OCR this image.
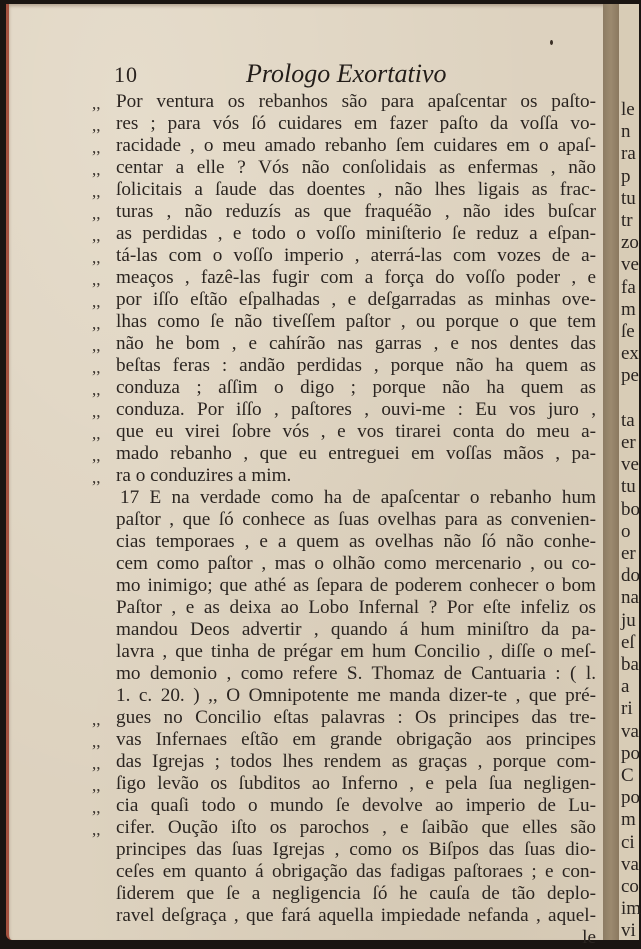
le
n
ra
p
tu
tr
zo
ve
fa
m
ſe
ex
pe
ta
er
ve
tu
bo
o
er
do
na
ju
eſ
ba
a
ri
va
po
C
po
m
ci
va
co
im
vi
10	Prologo Exortativo
,, Por ventura os rebanhos são para apaſcentar os paſto-
,, res ; para vós ſó cuidares em fazer paſto da voſſa vo-
,, racidade , o meu amado rebanho ſem cuidares em o apaſ-
,, centar a elle ? Vós não conſolidais as enfermas , não
,, ſolicitais a ſaude das doentes , não lhes ligais as frac-
,, turas , não reduzís as que fraquéão , não ides buſcar
,, as perdidas , e todo o voſſo miniſterio ſe reduz a eſpan-
,, tá-las com o voſſo imperio , aterrá-las com vozes de a-
,, meaços , fazê-las fugir com a força do voſſo poder , e
,, por iſſo eſtão eſpalhadas , e deſgarradas as minhas ove-
,, lhas como ſe não tiveſſem paſtor , ou porque o que tem
,, não he bom , e cahírão nas garras , e nos dentes das
,, beſtas feras : andão perdidas , porque não ha quem as
,, conduza ; aſſim o digo ; porque não ha quem as
,, conduza. Por iſſo , paſtores , ouvi-me : Eu vos juro ,
,, que eu virei ſobre vós , e vos tirarei conta do meu a-
,, mado rebanho , que eu entreguei em voſſas mãos , pa-
,, ra o conduzires a mim.
17 E na verdade como ha de apaſcentar o rebanho hum
paſtor , que ſó conhece as ſuas ovelhas para as convenien-
cias temporaes , e a quem as ovelhas não ſó não conhe-
cem como paſtor , mas o olhão como mercenario , ou co-
mo inimigo; que athé as ſepara de poderem conhecer o bom
Paſtor , e as deixa ao Lobo Infernal ? Por eſte infeliz os
mandou Deos advertir , quando á hum miniſtro da pa-
lavra , que tinha de prégar em hum Concilio , diſſe o meſ-
mo demonio , como refere S. Thomaz de Cantuaria : ( l.
1. c. 20. ) ,, O Omnipotente me manda dizer-te , que pré-
,, gues no Concilio eſtas palavras : Os principes das tre-
,, vas Infernaes eſtão em grande obrigação aos principes
,, das Igrejas ; todos lhes rendem as graças , porque com-
,, ſigo levão os ſubditos ao Inferno , e pela ſua negligen-
,, cia quaſi todo o mundo ſe devolve ao imperio de Lu-
,, cifer. Oução iſto os parochos , e ſaibão que elles são
principes das ſuas Igrejas , como os Biſpos das ſuas dio-
ceſes em quanto á obrigação das fadigas paſtoraes ; e con-
ſiderem que ſe a negligencia ſó he cauſa de tão deplo-
ravel deſgraça , que fará aquella impiedade nefanda , aquel-
le
